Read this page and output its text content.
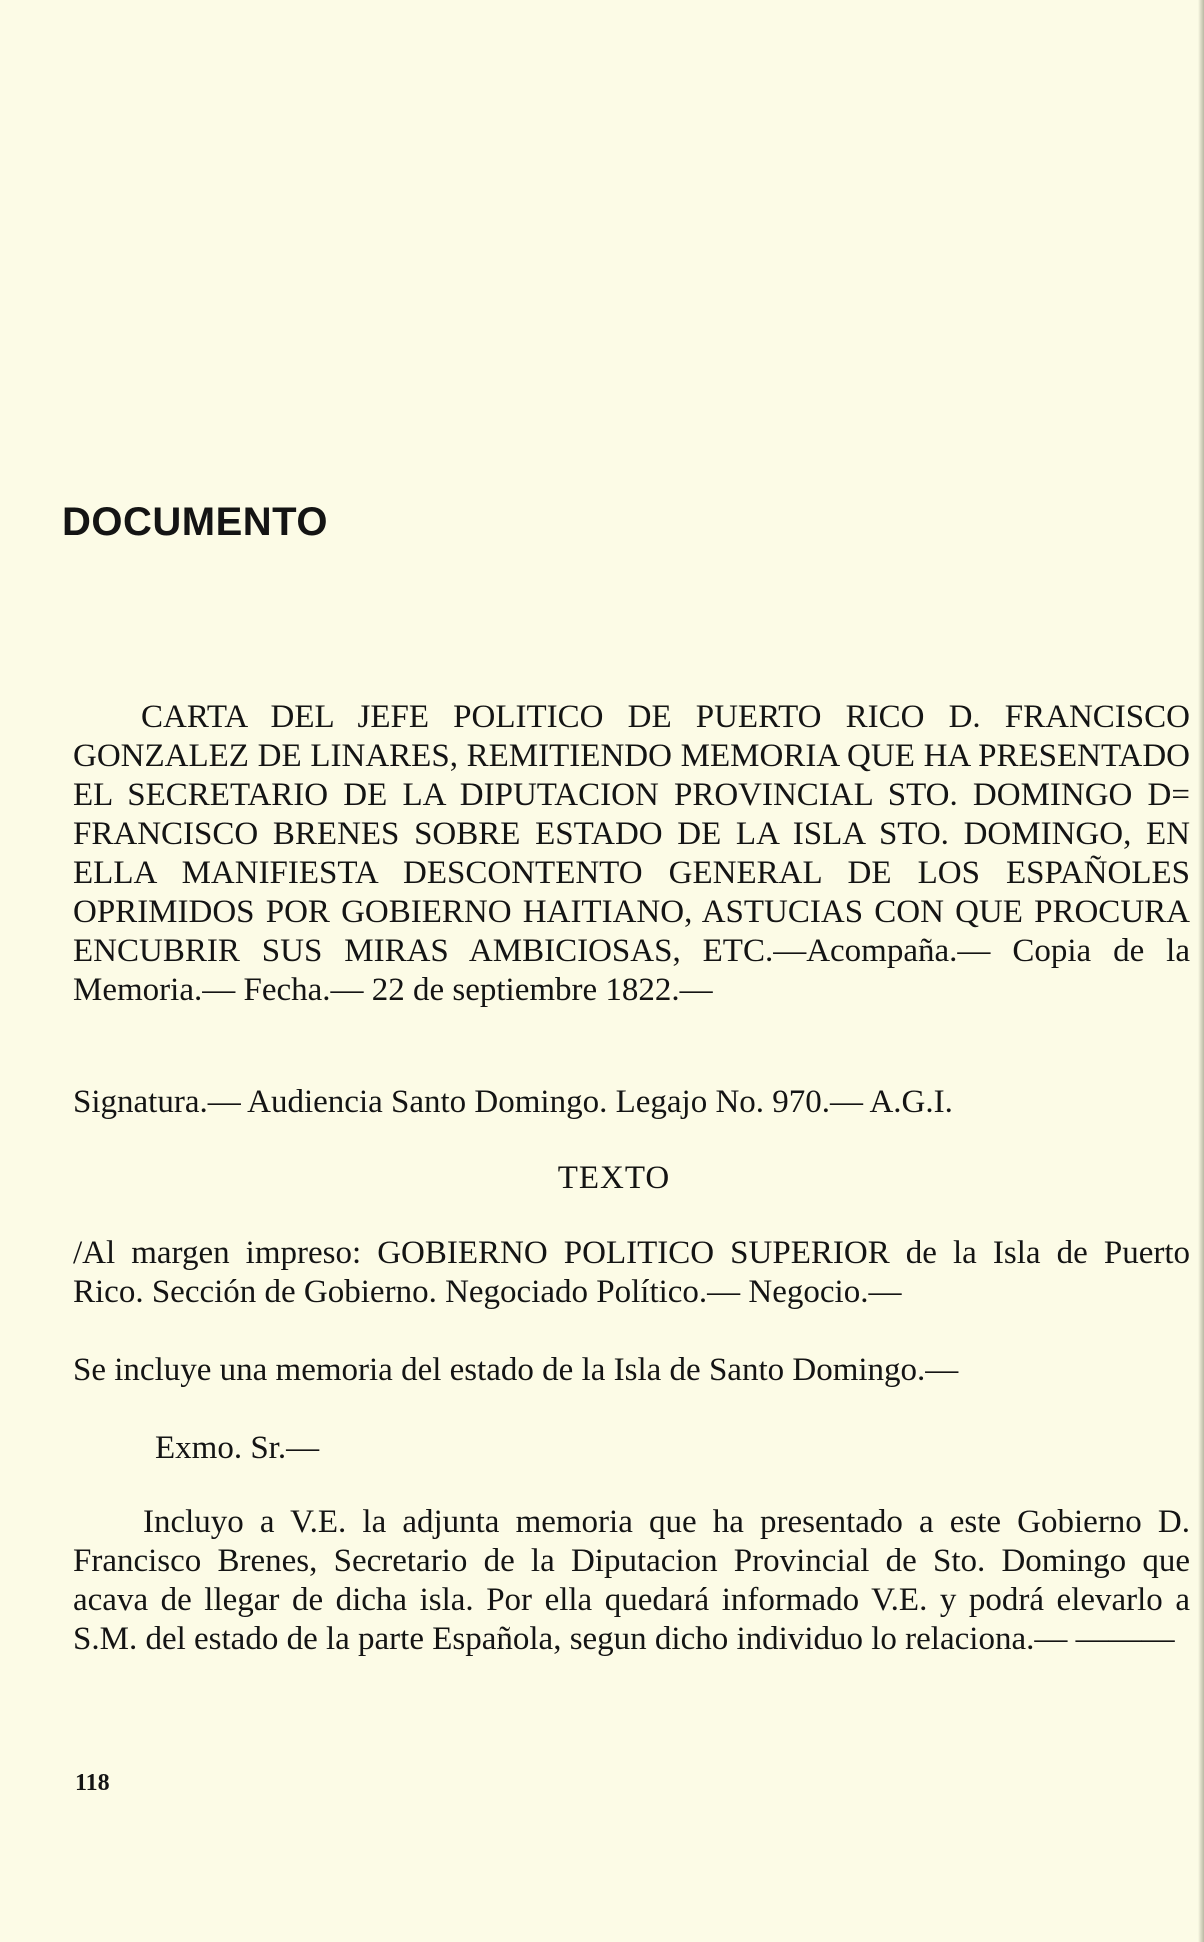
DOCUMENTO

CARTA DEL JEFE POLITICO DE PUERTO RICO D. FRANCISCO GONZALEZ DE LINARES, REMITIENDO MEMORIA QUE HA PRESENTADO EL SECRETARIO DE LA DIPUTACION PROVINCIAL STO. DOMINGO D= FRANCISCO BRENES SOBRE ESTADO DE LA ISLA STO. DOMINGO, EN ELLA MANIFIESTA DESCONTENTO GENERAL DE LOS ESPAÑOLES OPRIMIDOS POR GOBIERNO HAITIANO, ASTUCIAS CON QUE PROCURA ENCUBRIR SUS MIRAS AMBICIOSAS, ETC.—Acompaña.— Copia de la Memoria.— Fecha.— 22 de septiembre 1822.—

Signatura.— Audiencia Santo Domingo. Legajo No. 970.— A.G.I.

TEXTO

/Al margen impreso: GOBIERNO POLITICO SUPERIOR de la Isla de Puerto Rico. Sección de Gobierno. Negociado Político.— Negocio.—

Se incluye una memoria del estado de la Isla de Santo Domingo.—

Exmo. Sr.—

Incluyo a V.E. la adjunta memoria que ha presentado a este Gobierno D. Francisco Brenes, Secretario de la Diputacion Provincial de Sto. Domingo que acava de llegar de dicha isla. Por ella quedará informado V.E. y podrá elevarlo a S.M. del estado de la parte Española, segun dicho individuo lo relaciona.— ———

118
